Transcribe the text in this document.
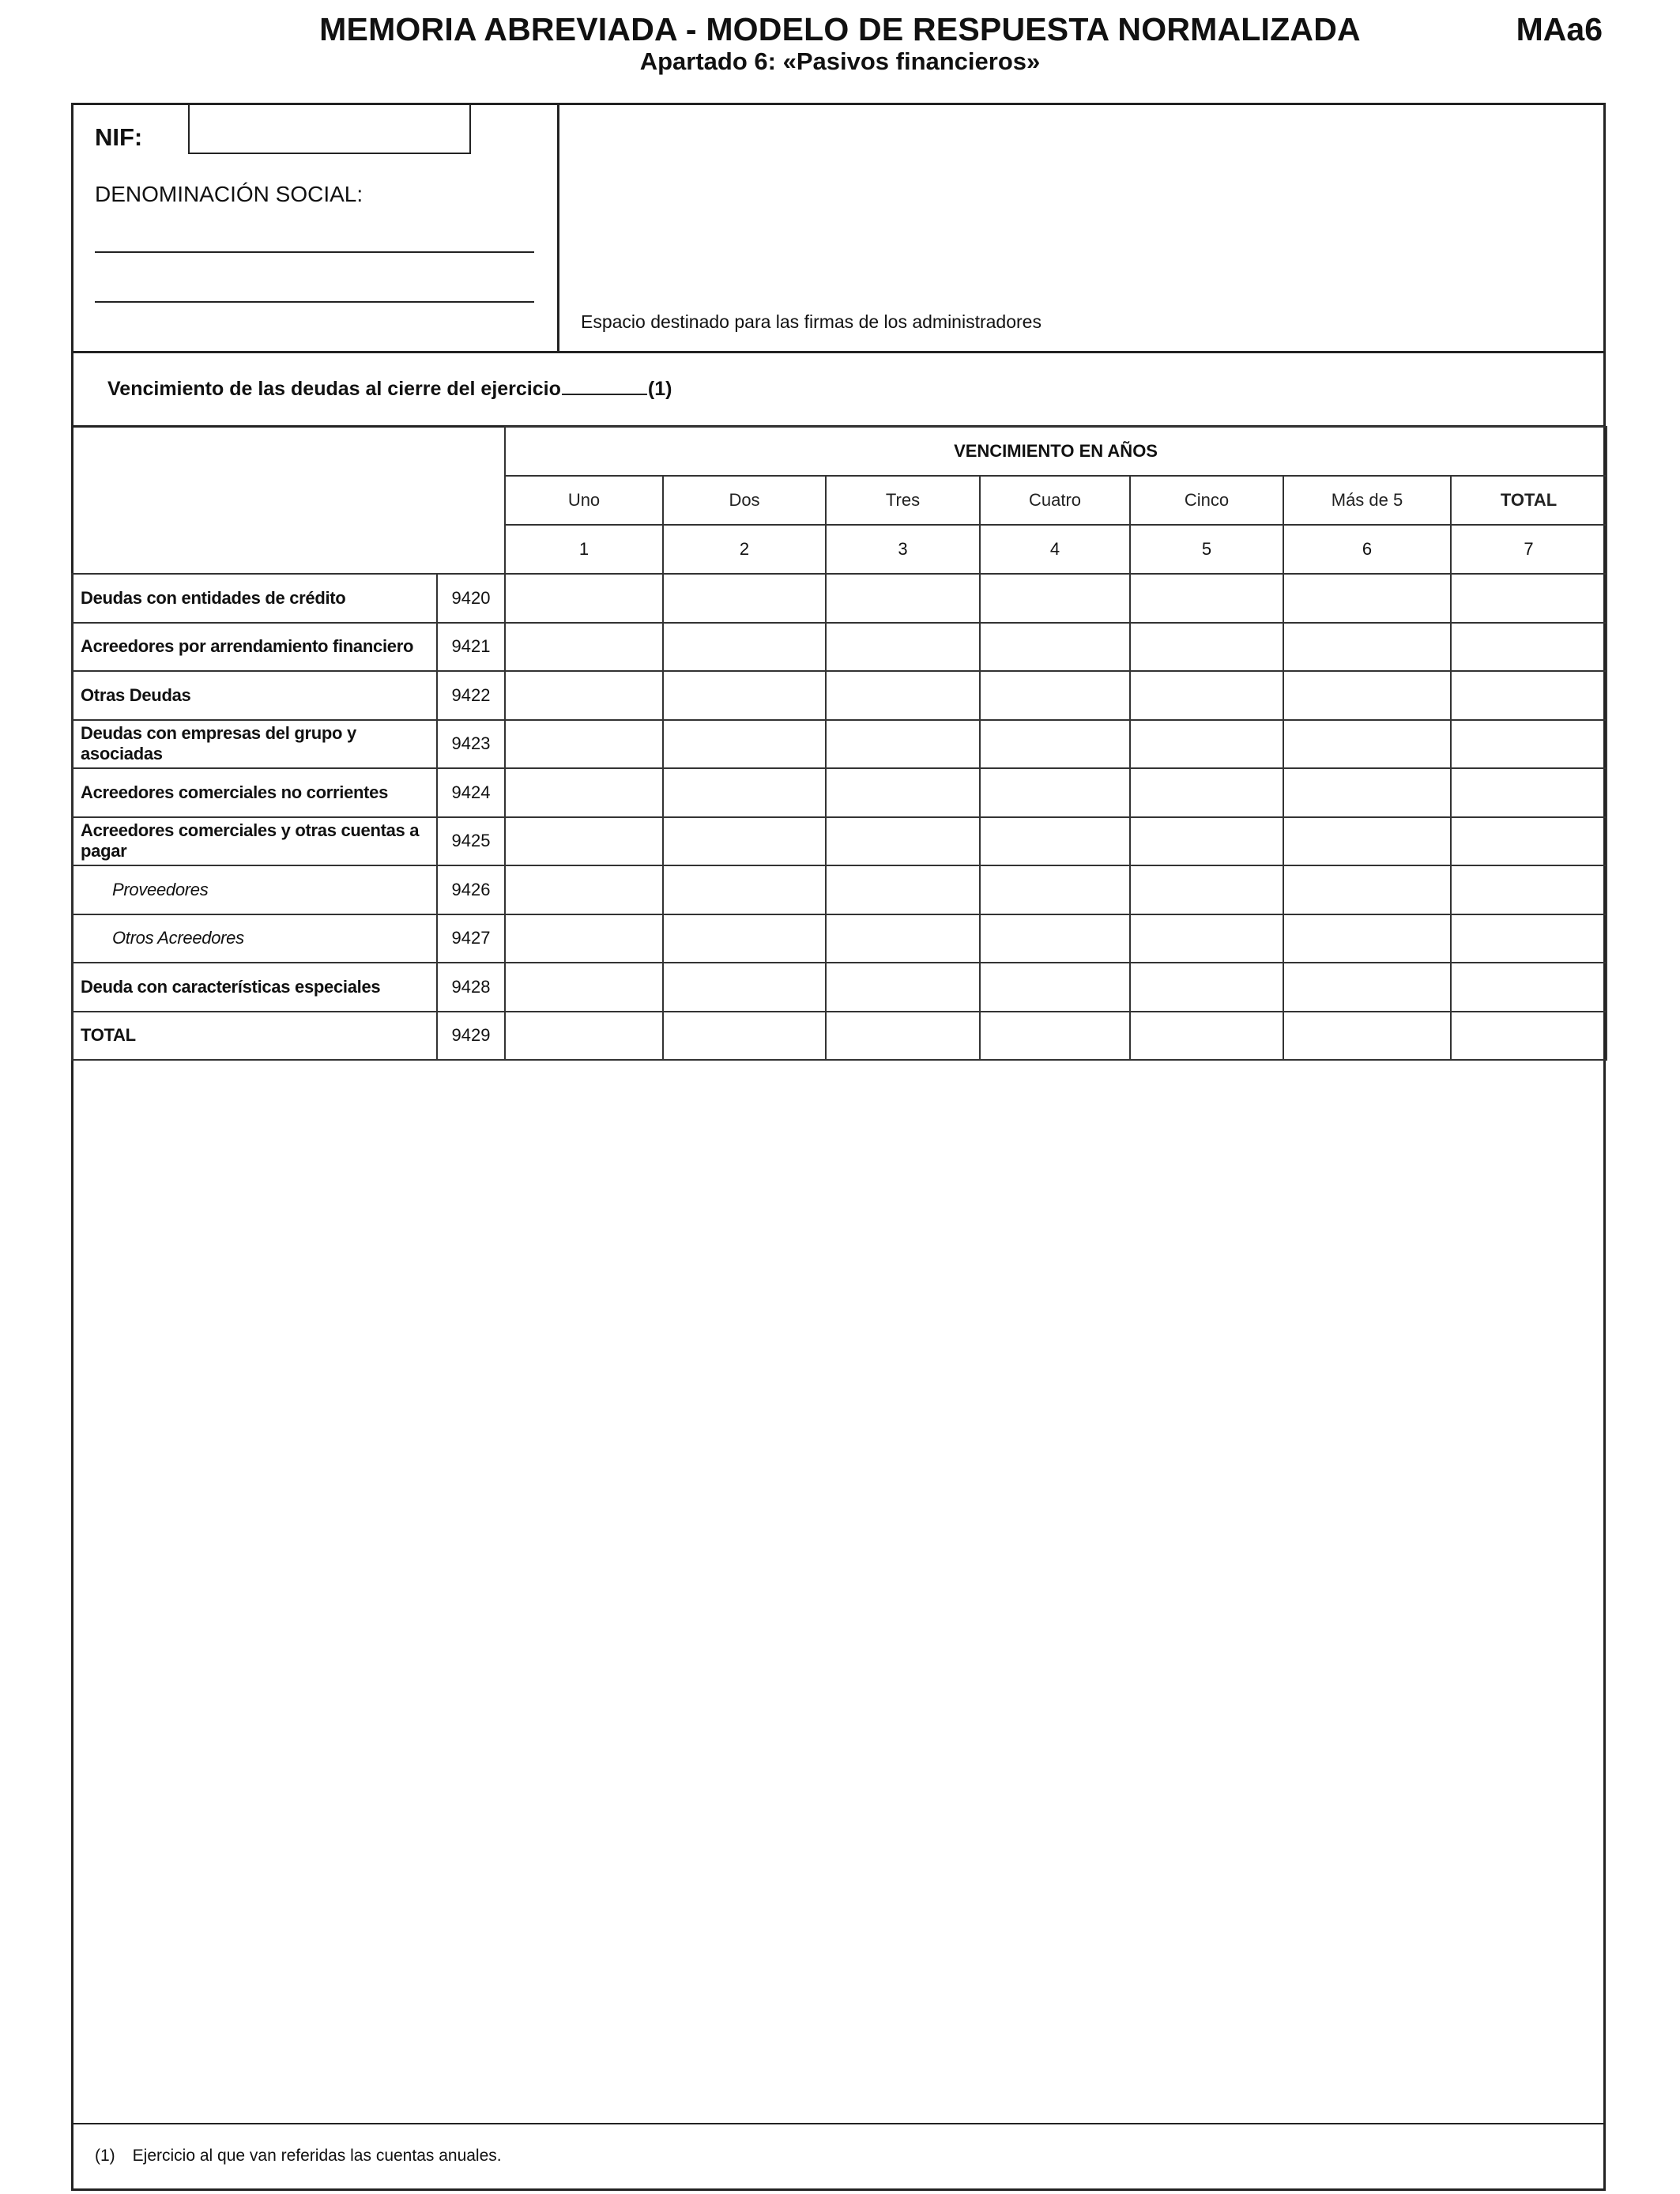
MEMORIA ABREVIADA - MODELO DE RESPUESTA NORMALIZADA
Apartado 6: «Pasivos financieros»
MAa6
NIF:
DENOMINACIÓN SOCIAL:
Espacio destinado para las firmas de los administradores
Vencimiento de las deudas al cierre del ejercicio	(1)
		VENCIMIENTO EN AÑOS						
		Uno	Dos	Tres	Cuatro	Cinco	Más de 5	TOTAL
		1	2	3	4	5	6	7
Deudas con entidades de crédito	9420							
Acreedores por arrendamiento financiero	9421							
Otras Deudas	9422							
Deudas con empresas del grupo y asociadas	9423							
Acreedores comerciales no corrientes	9424							
Acreedores comerciales y otras cuentas a pagar	9425							
Proveedores	9426							
Otros Acreedores	9427							
Deuda con características especiales	9428							
TOTAL	9429							
(1) Ejercicio al que van referidas las cuentas anuales.
